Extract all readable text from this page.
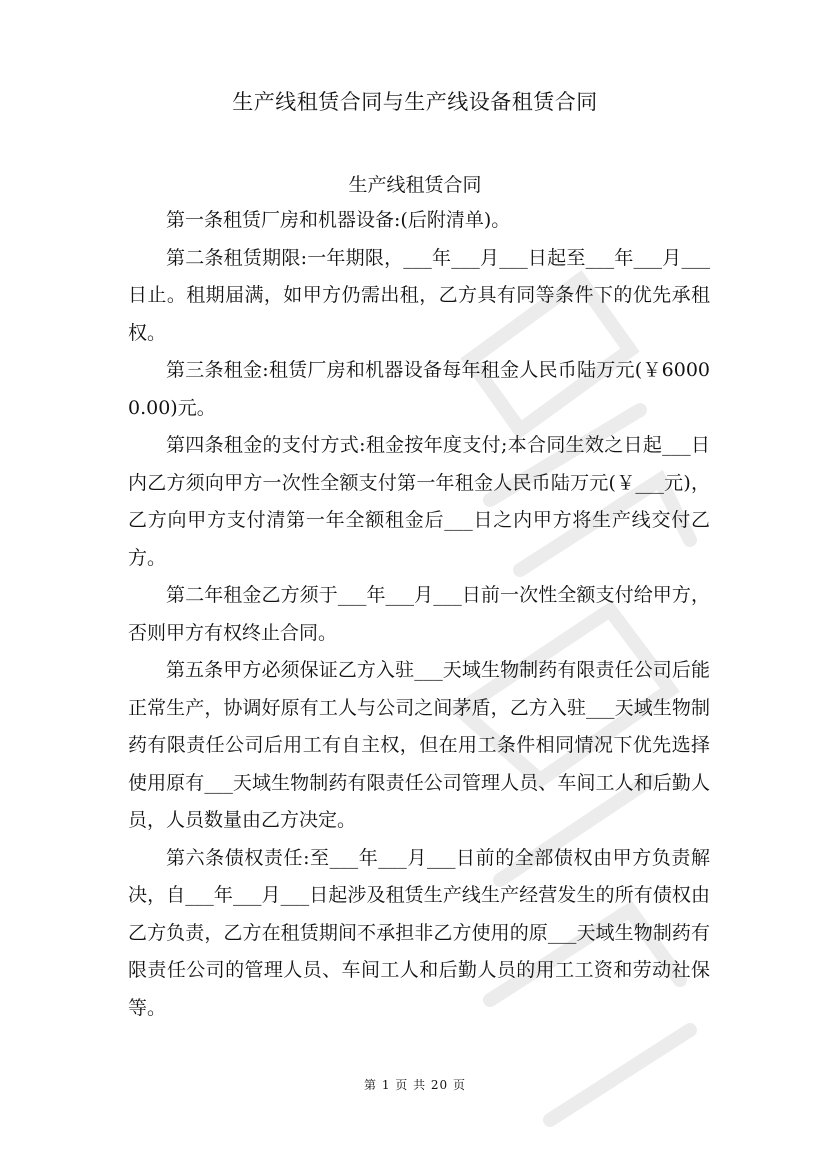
生产线租赁合同与生产线设备租赁合同
生产线租赁合同

第一条租赁厂房和机器设备:(后附清单)。

第二条租赁期限:一年期限，___年___月___日起至___年___月___日止。租期届满，如甲方仍需出租，乙方具有同等条件下的优先承租权。

第三条租金:租赁厂房和机器设备每年租金人民币陆万元(￥60000.00)元。

第四条租金的支付方式:租金按年度支付;本合同生效之日起___日内乙方须向甲方一次性全额支付第一年租金人民币陆万元(￥___元)，乙方向甲方支付清第一年全额租金后___日之内甲方将生产线交付乙方。

第二年租金乙方须于___年___月___日前一次性全额支付给甲方，否则甲方有权终止合同。

第五条甲方必须保证乙方入驻___天域生物制药有限责任公司后能正常生产，协调好原有工人与公司之间茅盾，乙方入驻___天域生物制药有限责任公司后用工有自主权，但在用工条件相同情况下优先选择使用原有___天域生物制药有限责任公司管理人员、车间工人和后勤人员，人员数量由乙方决定。

第六条债权责任:至___年___月___日前的全部债权由甲方负责解决，自___年___月___日起涉及租赁生产线生产经营发生的所有债权由乙方负责，乙方在租赁期间不承担非乙方使用的原___天域生物制药有限责任公司的管理人员、车间工人和后勤人员的用工工资和劳动社保等。

第 1 页 共 20 页
